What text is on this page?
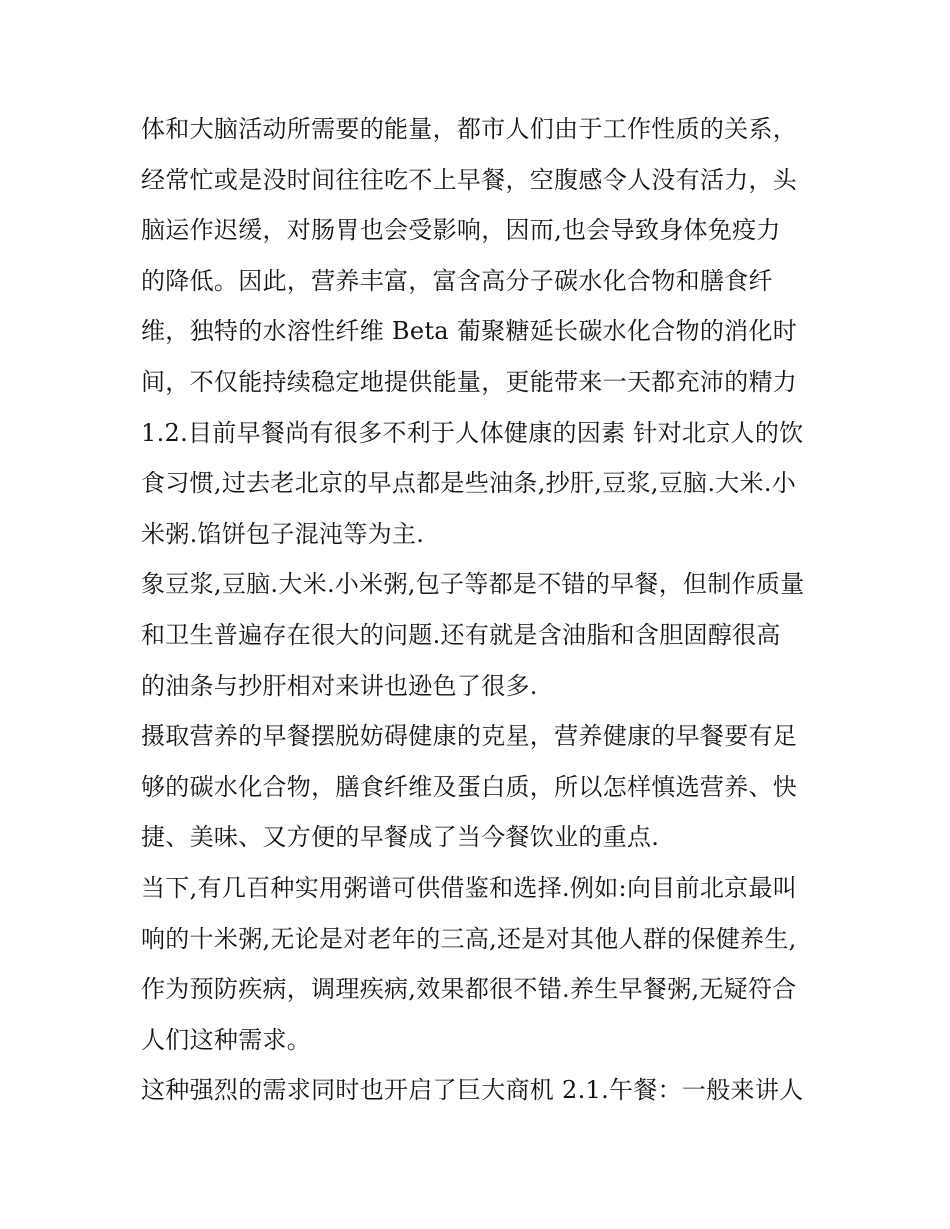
体和大脑活动所需要的能量，都市人们由于工作性质的关系，
经常忙或是没时间往往吃不上早餐，空腹感令人没有活力，头
脑运作迟缓，对肠胃也会受影响，因而,也会导致身体免疫力
的降低。因此，营养丰富，富含高分子碳水化合物和膳食纤
维，独特的水溶性纤维 Beta 葡聚糖延长碳水化合物的消化时
间，不仅能持续稳定地提供能量，更能带来一天都充沛的精力
1.2.目前早餐尚有很多不利于人体健康的因素 针对北京人的饮
食习惯,过去老北京的早点都是些油条,抄肝,豆浆,豆脑.大米.小
米粥.馅饼包子混沌等为主.
象豆浆,豆脑.大米.小米粥,包子等都是不错的早餐，但制作质量
和卫生普遍存在很大的问题.还有就是含油脂和含胆固醇很高
的油条与抄肝相对来讲也逊色了很多.
摄取营养的早餐摆脱妨碍健康的克星，营养健康的早餐要有足
够的碳水化合物，膳食纤维及蛋白质，所以怎样慎选营养、快
捷、美味、又方便的早餐成了当今餐饮业的重点.
当下,有几百种实用粥谱可供借鉴和选择.例如:向目前北京最叫
响的十米粥,无论是对老年的三高,还是对其他人群的保健养生,
作为预防疾病，调理疾病,效果都很不错.养生早餐粥,无疑符合
人们这种需求。
这种强烈的需求同时也开启了巨大商机 2.1.午餐：一般来讲人
